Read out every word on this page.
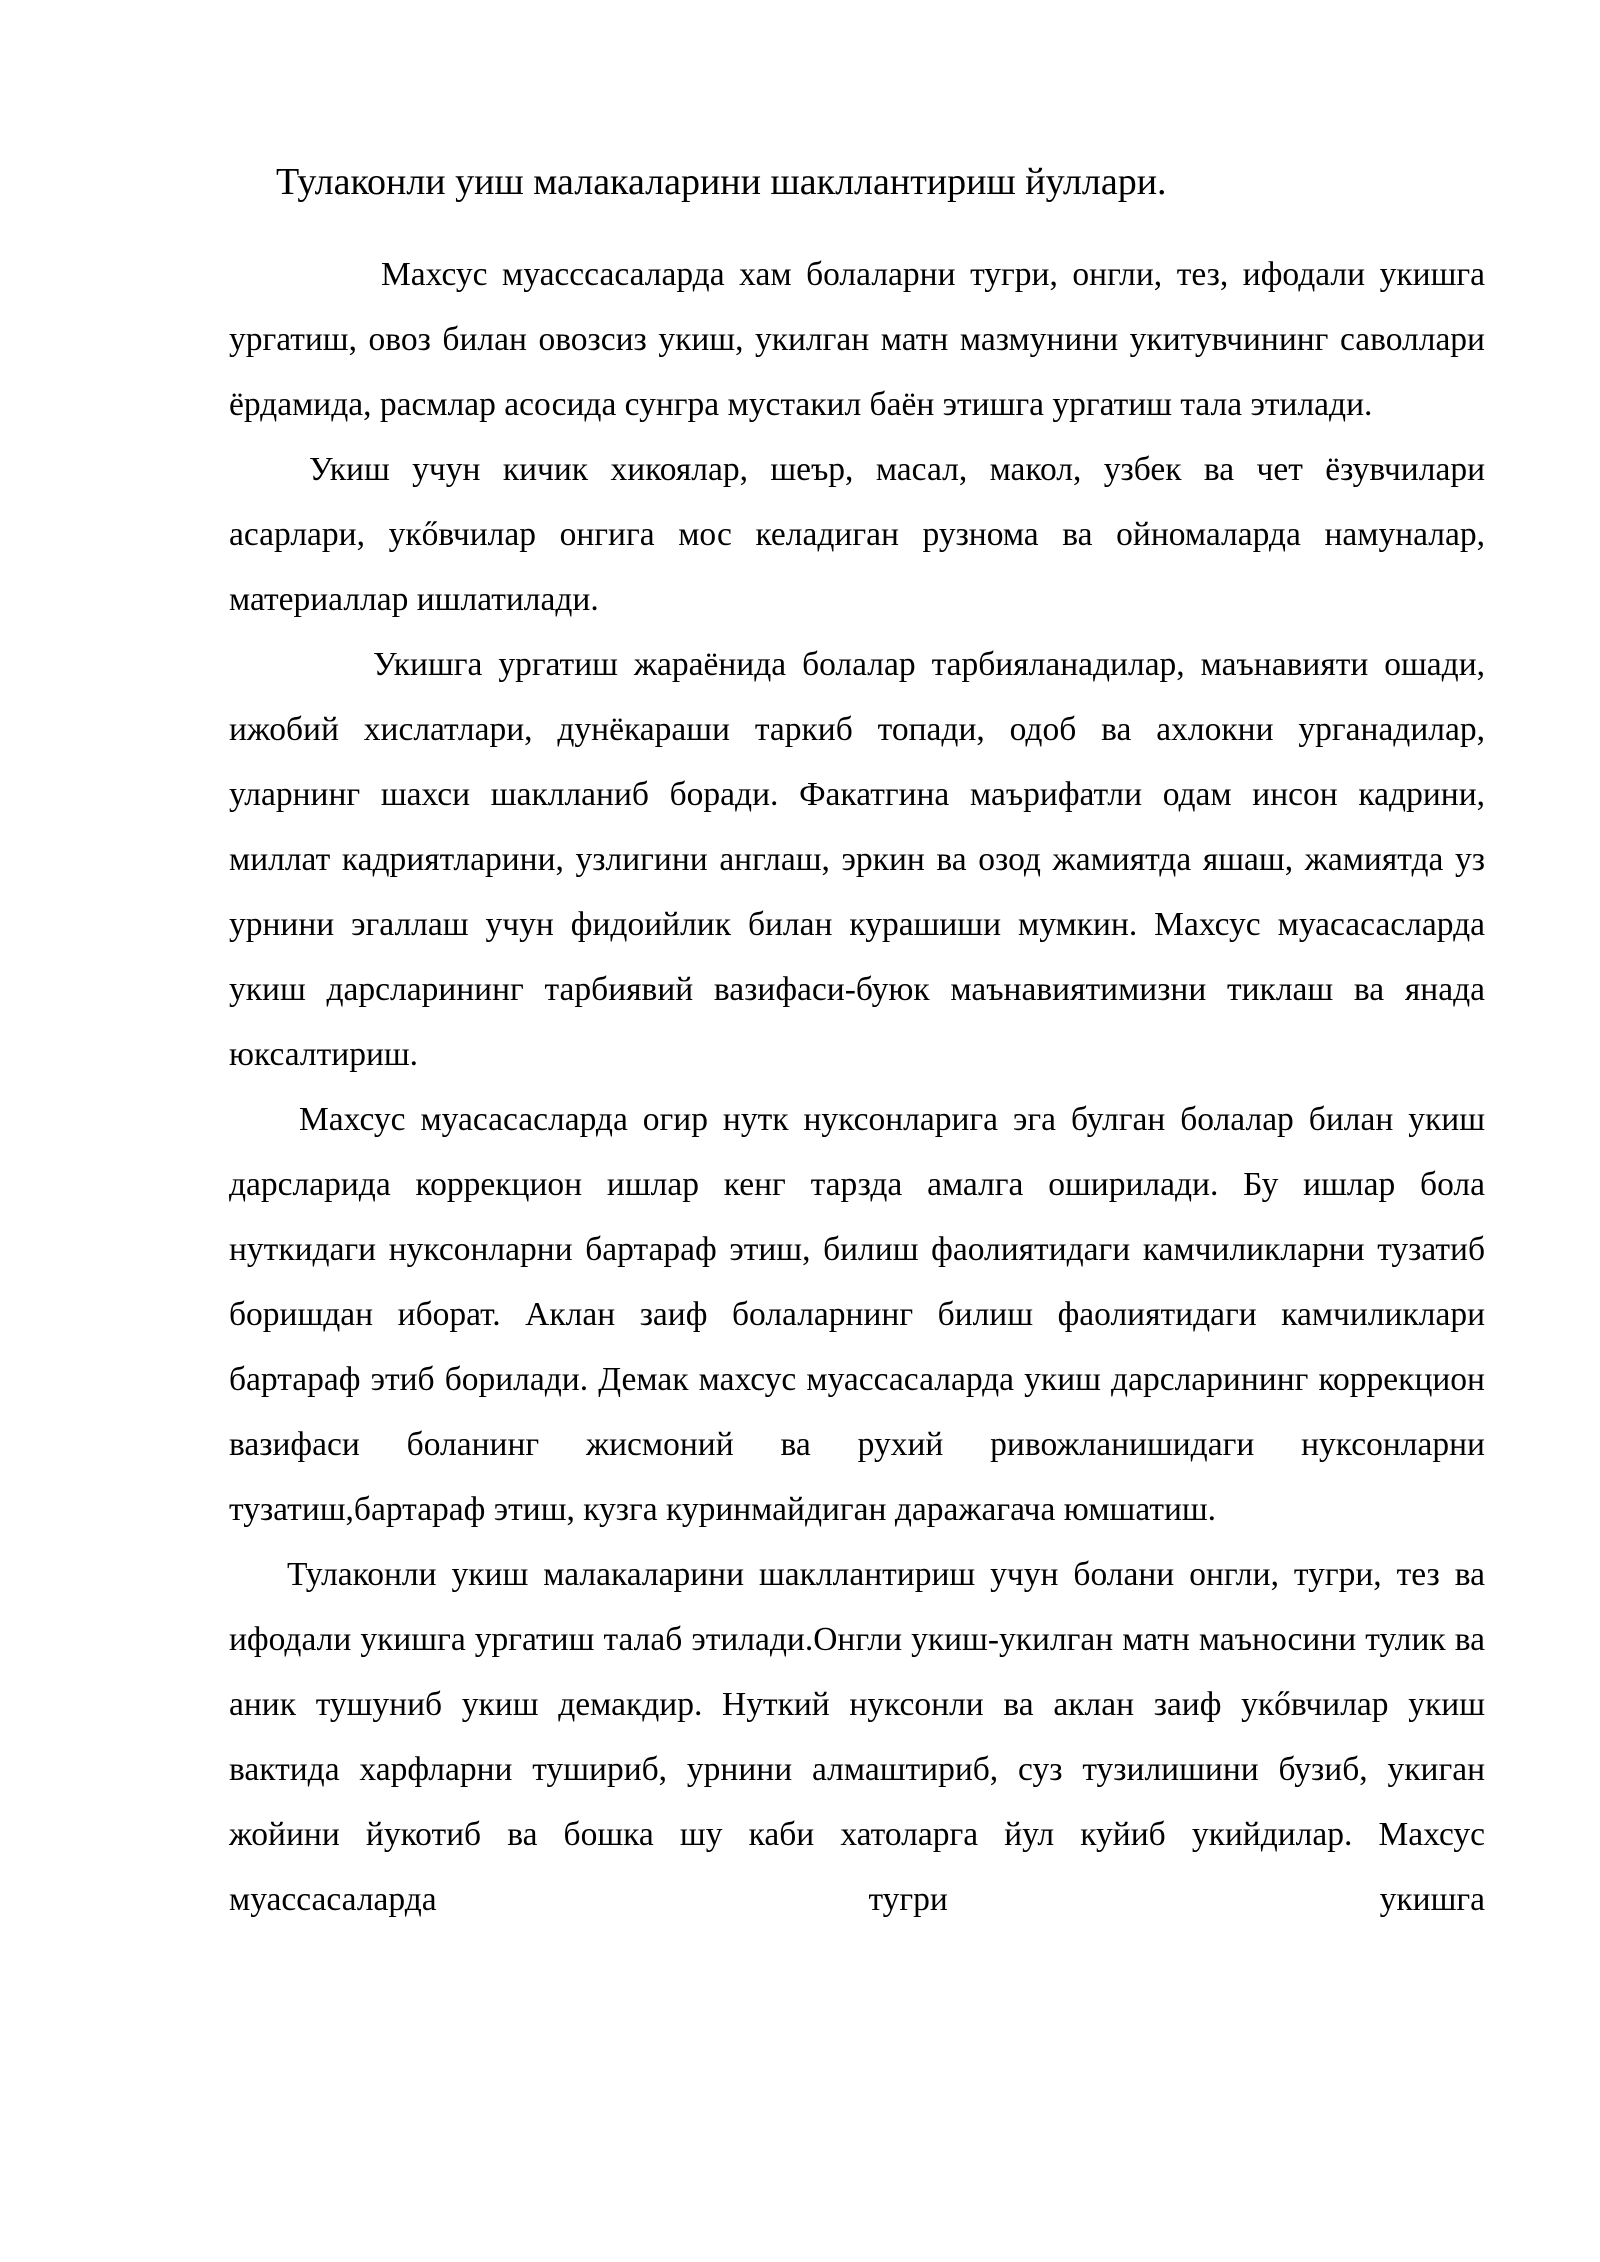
Тулаконли уиш малакаларини шакллантириш йуллари.

Махсус муасссасаларда хам болаларни тугри, онгли, тез, ифодали укишга ургатиш, овоз билан овозсиз укиш, укилган матн мазмунини укитувчининг саволлари ёрдамида, расмлар асосида сунгра мустакил баён этишга ургатиш тала этилади.

Укиш учун кичик хикоялар, шеър, масал, макол, узбек ва чет ёзувчилари асарлари, укőвчилар онгига мос келадиган рузнома ва ойномаларда намуналар, материаллар ишлатилади.

Укишга ургатиш жараёнида болалар тарбияланадилар, маънавияти ошади, ижобий хислатлари, дунёкараши таркиб топади, одоб ва ахлокни урганадилар, уларнинг шахси шаклланиб боради. Факатгина маърифатли одам инсон кадрини, миллат кадриятларини, узлигини англаш, эркин ва озод жамиятда яшаш, жамиятда уз урнини эгаллаш учун фидоийлик билан курашиши мумкин. Махсус муасасасларда укиш дарсларининг тарбиявий вазифаси-буюк маънавиятимизни тиклаш ва янада юксалтириш.

Махсус муасасасларда огир нутк нуксонларига эга булган болалар билан укиш дарсларида коррекцион ишлар кенг тарзда амалга оширилади. Бу ишлар бола нуткидаги нуксонларни бартараф этиш, билиш фаолиятидаги камчиликларни тузатиб боришдан иборат. Аклан заиф болаларнинг билиш фаолиятидаги камчиликлари бартараф этиб борилади. Демак махсус муассасаларда укиш дарсларининг коррекцион вазифаси боланинг жисмоний ва рухий ривожланишидаги нуксонларни тузатиш,бартараф этиш, кузга куринмайдиган даражагача юмшатиш.

Тулаконли укиш малакаларини шакллантириш учун болани онгли, тугри, тез ва ифодали укишга ургатиш талаб этилади.Онгли укиш-укилган матн маъносини тулик ва аник тушуниб укиш демакдир. Нуткий нуксонли ва аклан заиф укőвчилар укиш вактида харфларни тушириб, урнини алмаштириб, суз тузилишини бузиб, укиган жойини йукотиб ва бошка шу каби хатоларга йул куйиб укийдилар. Махсус муассасаларда тугри укишга
